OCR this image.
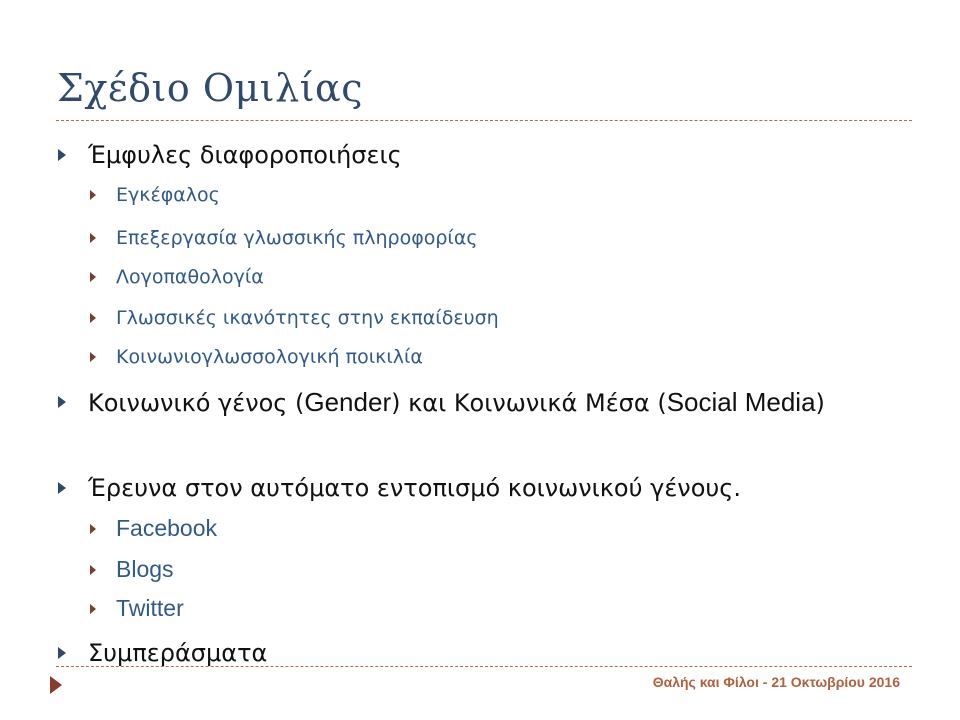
Σχέδιο Ομιλίας
Έμφυλες διαφοροποιήσεις
Εγκέφαλος
Επεξεργασία γλωσσικής πληροφορίας
Λογοπαθολογία
Γλωσσικές ικανότητες στην εκπαίδευση
Κοινωνιογλωσσολογική ποικιλία
Κοινωνικό γένος (Gender) και Κοινωνικά Μέσα (Social Media)
Έρευνα στον αυτόματο εντοπισμό κοινωνικού γένους.
Facebook
Blogs
Twitter
Συμπεράσματα
Θαλής και Φίλοι - 21 Οκτωβρίου 2016
